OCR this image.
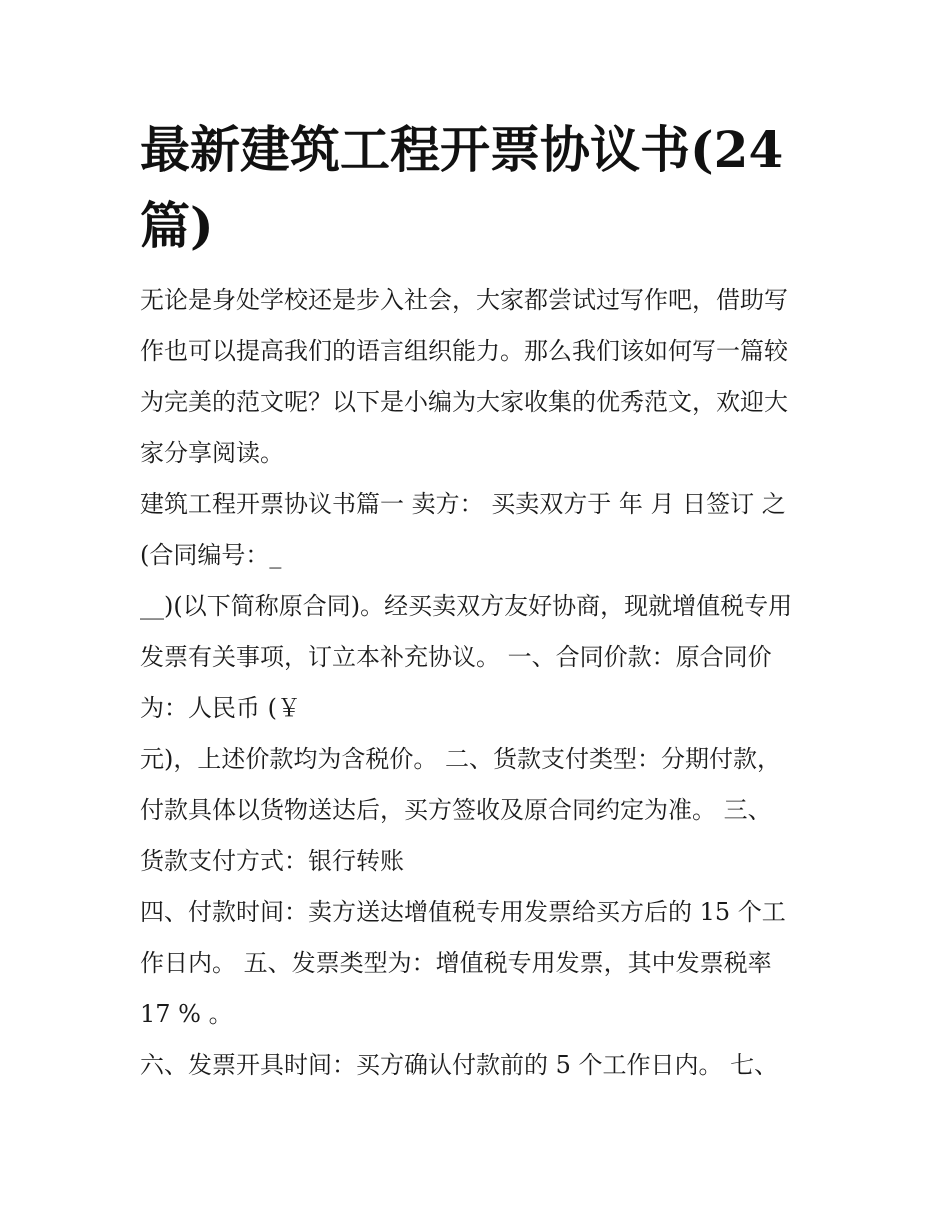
最新建筑工程开票协议书(24
篇)

无论是身处学校还是步入社会，大家都尝试过写作吧，借助写

作也可以提高我们的语言组织能力。那么我们该如何写一篇较

为完美的范文呢？以下是小编为大家收集的优秀范文，欢迎大

家分享阅读。

建筑工程开票协议书篇一 卖方： 买卖双方于 年 月 日签订 之

(合同编号：_

__)(以下简称原合同)。经买卖双方友好协商，现就增值税专用

发票有关事项，订立本补充协议。 一、合同价款：原合同价

为：人民币 (￥

元)，上述价款均为含税价。 二、货款支付类型：分期付款，

付款具体以货物送达后，买方签收及原合同约定为准。 三、

货款支付方式：银行转账

四、付款时间：卖方送达增值税专用发票给买方后的 15 个工

作日内。 五、发票类型为：增值税专用发票，其中发票税率

17 % 。

六、发票开具时间：买方确认付款前的 5 个工作日内。 七、
